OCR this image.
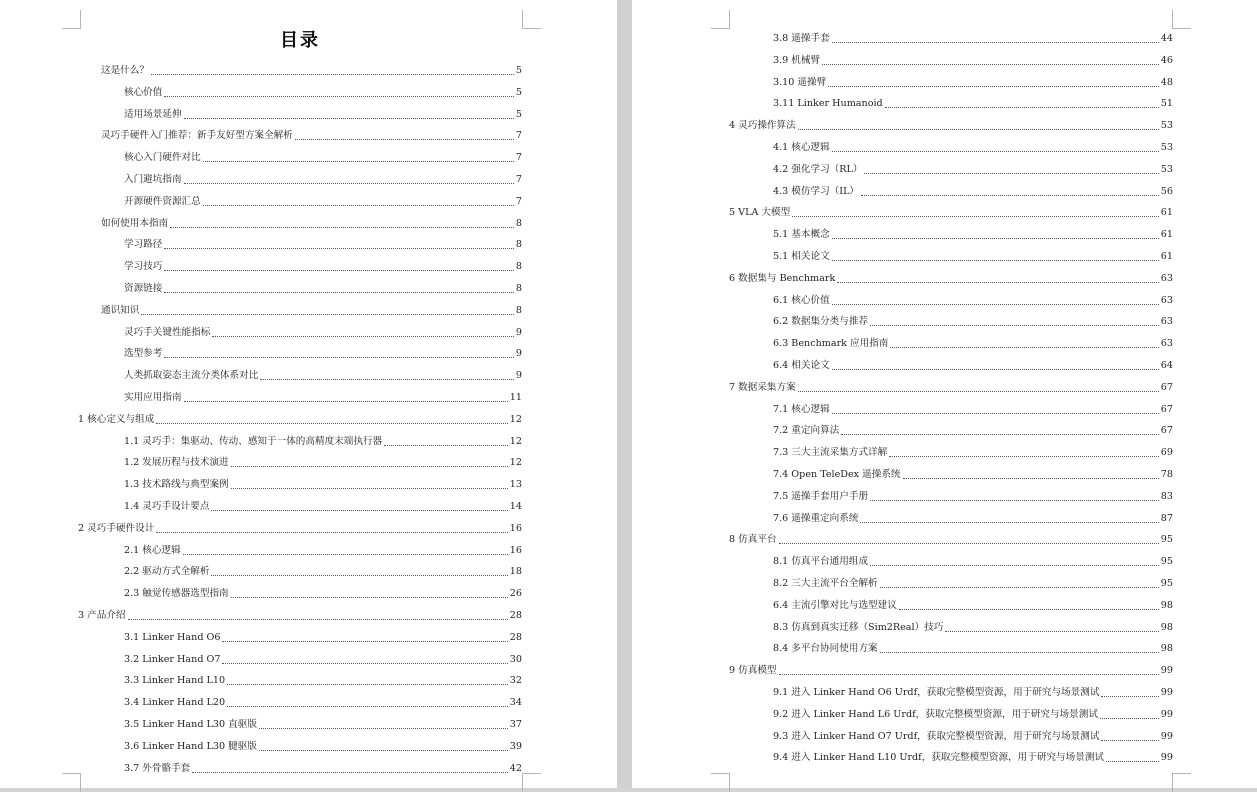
目录
这是什么？	5
核心价值	5
适用场景延伸	5
灵巧手硬件入门推荐：新手友好型方案全解析	7
核心入门硬件对比	7
入门避坑指南	7
开源硬件资源汇总	7
如何使用本指南	8
学习路径	8
学习技巧	8
资源链接	8
通识知识	8
灵巧手关键性能指标	9
选型参考	9
人类抓取姿态主流分类体系对比	9
实用应用指南	11
1 核心定义与组成	12
1.1 灵巧手：集驱动、传动、感知于一体的高精度末端执行器	12
1.2 发展历程与技术演进	12
1.3 技术路线与典型案例	13
1.4 灵巧手设计要点	14
2 灵巧手硬件设计	16
2.1 核心逻辑	16
2.2 驱动方式全解析	18
2.3 触觉传感器选型指南	26
3 产品介绍	28
3.1 Linker Hand O6	28
3.2 Linker Hand O7	30
3.3 Linker Hand L10	32
3.4 Linker Hand L20	34
3.5 Linker Hand L30 直驱版	37
3.6 Linker Hand L30 腱驱版	39
3.7 外骨骼手套	42
3.8 遥操手套	44
3.9 机械臂	46
3.10 遥操臂	48
3.11 Linker Humanoid	51
4 灵巧操作算法	53
4.1 核心逻辑	53
4.2 强化学习（RL）	53
4.3 模仿学习（IL）	56
5 VLA 大模型	61
5.1 基本概念	61
5.1 相关论文	61
6 数据集与 Benchmark	63
6.1 核心价值	63
6.2 数据集分类与推荐	63
6.3 Benchmark 应用指南	63
6.4 相关论文	64
7 数据采集方案	67
7.1 核心逻辑	67
7.2 重定向算法	67
7.3 三大主流采集方式详解	69
7.4 Open TeleDex 遥操系统	78
7.5 遥操手套用户手册	83
7.6 遥操重定向系统	87
8 仿真平台	95
8.1 仿真平台通用组成	95
8.2 三大主流平台全解析	95
6.4 主流引擎对比与选型建议	98
8.3 仿真到真实迁移（Sim2Real）技巧	98
8.4 多平台协同使用方案	98
9 仿真模型	99
9.1 进入 Linker Hand O6 Urdf，获取完整模型资源，用于研究与场景测试	99
9.2 进入 Linker Hand L6 Urdf，获取完整模型资源，用于研究与场景测试	99
9.3 进入 Linker Hand O7 Urdf，获取完整模型资源，用于研究与场景测试	99
9.4 进入 Linker Hand L10 Urdf，获取完整模型资源，用于研究与场景测试	99
